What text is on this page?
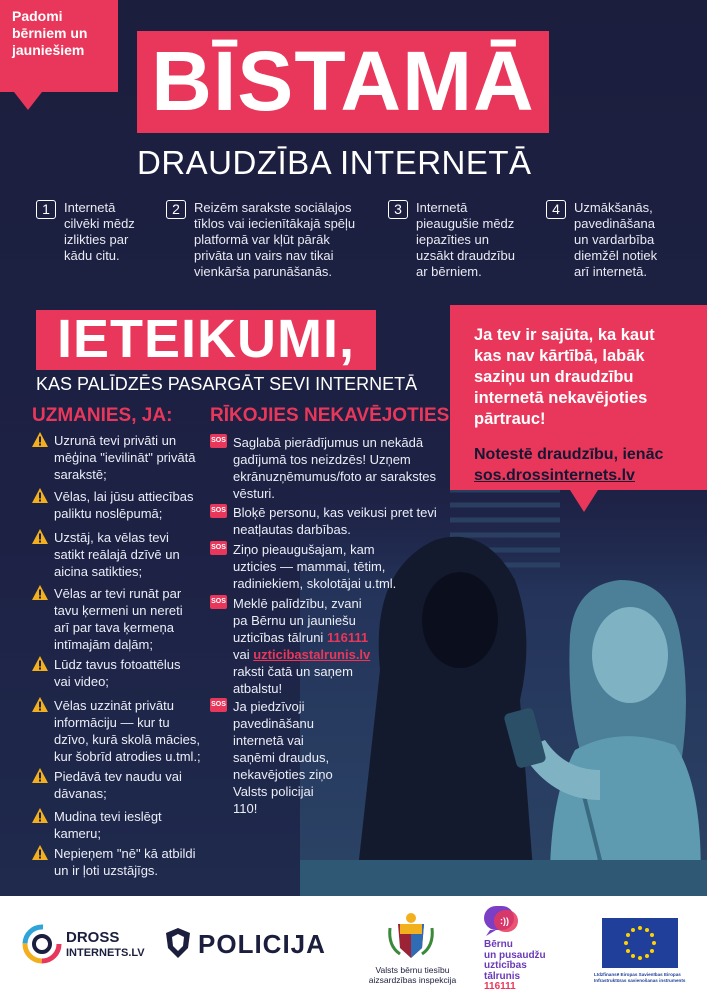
Padomi
bērniem un
jauniešiem BĪSTAMĀ
DRAUDZĪBA INTERNETĀ
1	Internetā
cilvēki mēdz
izlikties par
kādu citu.
2	Reizēm sarakste sociālajos
tīklos vai iecienītākajā spēļu
platformā var kļūt pārāk
privāta un vairs nav tikai
vienkārša parunāšanās.
3	Internetā
pieaugušie mēdz
iepazīties un
uzsākt draudzību
ar bērniem.
4	Uzmākšanās,
pavedināšana
un vardarbība
diemžēl notiek
arī internetā.
IETEIKUMI,
KAS PALĪDZĒS PASARGĀT SEVI INTERNETĀ
Ja tev ir sajūta, ka kaut
kas nav kārtībā, labāk
saziņu un draudzību
internetā nekavējoties
pārtrauc!
Notestē draudzību, ienāc
sos.drossinternets.lv
UZMANIES, JA:
Uzrunā tevi privāti un
mēģina "ievilināt" privātā
sarakstē;
Vēlas, lai jūsu attiecības
paliktu noslēpumā;
Uzstāj, ka vēlas tevi
satikt reālajā dzīvē un
aicina satikties;
Vēlas ar tevi runāt par
tavu ķermeni un nereti
arī par tava ķermeņa
intīmajām daļām;
Lūdz tavus fotoattēlus
vai video;
Vēlas uzzināt privātu
informāciju — kur tu
dzīvo, kurā skolā mācies,
kur šobrīd atrodies u.tml.;
Piedāvā tev naudu vai
dāvanas;
Mudina tevi ieslēgt
kameru;
Nepieņem "nē" kā atbildi
un ir ļoti uzstājīgs.
RĪKOJIES NEKAVĒJOTIES:
SOS Saglabā pierādījumus un nekādā
gadījumā tos neizdzēs! Uzņem
ekrānuzņēmumus/foto ar sarakstes
vēsturi.
SOS Bloķē personu, kas veikusi pret tevi
neatļautas darbības.
SOS Ziņo pieaugušajam, kam
uzticies — mammai, tētim,
radiniekiem, skolotājai u.tml.
SOS Meklē palīdzību, zvani
pa Bērnu un jauniešu
uzticības tālruni 116111
vai uzticibastalrunis.lv
raksti čatā un saņem
atbalstu!
SOS Ja piedzīvoji
pavedināšanu
internetā vai
saņēmi draudus,
nekavējoties ziņo
Valsts policijai
110!
DROSS
INTERNETS.LV POLICIJA
Valsts bērnu tiesību
aizsardzības inspekcija
:))
Bērnu
un pusaudžu
uzticības
tālrunis
116111
Līdzfinansē Eiropas Savienības Eiropas
Infrastruktūras savienošanas instruments
